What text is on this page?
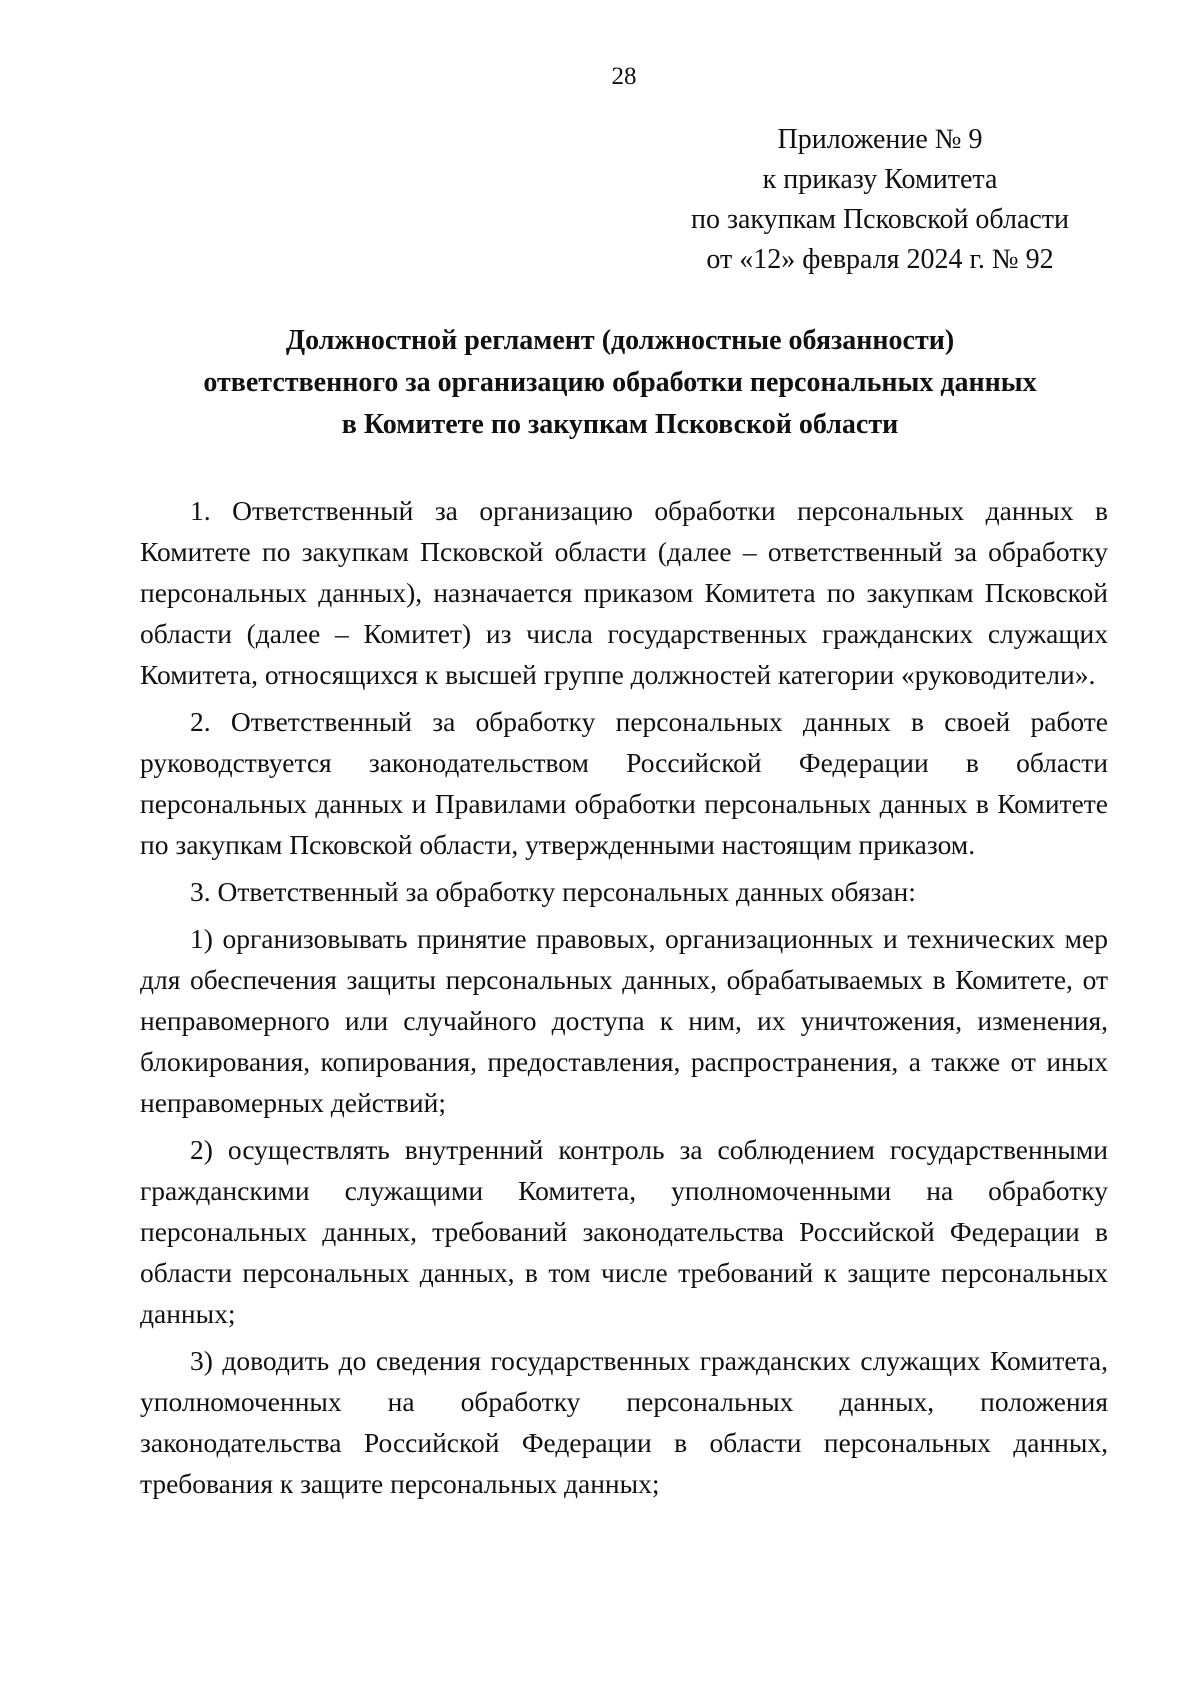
28
Приложение № 9
к приказу Комитета
по закупкам Псковской области
от «12» февраля 2024 г. № 92
Должностной регламент (должностные обязанности)
ответственного за организацию обработки персональных данных
в Комитете по закупкам Псковской области

1. Ответственный за организацию обработки персональных данных в Комитете по закупкам Псковской области (далее – ответственный за обработку персональных данных), назначается приказом Комитета по закупкам Псковской области (далее – Комитет) из числа государственных гражданских служащих Комитета, относящихся к высшей группе должностей категории «руководители».

2. Ответственный за обработку персональных данных в своей работе руководствуется законодательством Российской Федерации в области персональных данных и Правилами обработки персональных данных в Комитете по закупкам Псковской области, утвержденными настоящим приказом.

3. Ответственный за обработку персональных данных обязан:

1) организовывать принятие правовых, организационных и технических мер для обеспечения защиты персональных данных, обрабатываемых в Комитете, от неправомерного или случайного доступа к ним, их уничтожения, изменения, блокирования, копирования, предоставления, распространения, а также от иных неправомерных действий;

2) осуществлять внутренний контроль за соблюдением государственными гражданскими служащими Комитета, уполномоченными на обработку персональных данных, требований законодательства Российской Федерации в области персональных данных, в том числе требований к защите персональных данных;

3) доводить до сведения государственных гражданских служащих Комитета, уполномоченных на обработку персональных данных, положения законодательства Российской Федерации в области персональных данных, требования к защите персональных данных;
